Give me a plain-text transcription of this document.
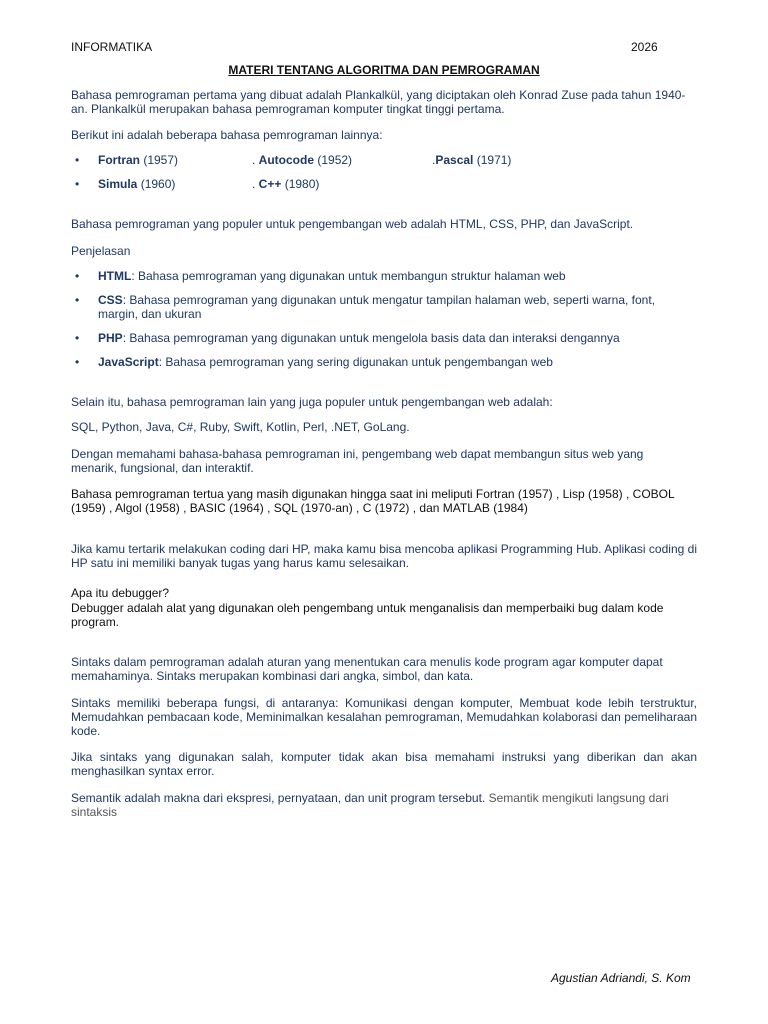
INFORMATIKA	2026
MATERI TENTANG ALGORITMA DAN PEMROGRAMAN
Bahasa pemrograman pertama yang dibuat adalah Plankalkül, yang diciptakan oleh Konrad Zuse pada tahun 1940-an. Plankalkül merupakan bahasa pemrograman komputer tingkat tinggi pertama.
Berikut ini adalah beberapa bahasa pemrograman lainnya:
• Fortran (1957)	. Autocode (1952)	.Pascal (1971)
• Simula (1960)	. C++ (1980)
Bahasa pemrograman yang populer untuk pengembangan web adalah HTML, CSS, PHP, dan JavaScript.
Penjelasan
• HTML: Bahasa pemrograman yang digunakan untuk membangun struktur halaman web
• CSS: Bahasa pemrograman yang digunakan untuk mengatur tampilan halaman web, seperti warna, font,
margin, dan ukuran
• PHP: Bahasa pemrograman yang digunakan untuk mengelola basis data dan interaksi dengannya
• JavaScript: Bahasa pemrograman yang sering digunakan untuk pengembangan web
Selain itu, bahasa pemrograman lain yang juga populer untuk pengembangan web adalah:
SQL, Python, Java, C#, Ruby, Swift, Kotlin, Perl, .NET, GoLang.
Dengan memahami bahasa-bahasa pemrograman ini, pengembang web dapat membangun situs web yang menarik, fungsional, dan interaktif.
Bahasa pemrograman tertua yang masih digunakan hingga saat ini meliputi Fortran (1957) , Lisp (1958) , COBOL (1959) , Algol (1958) , BASIC (1964) , SQL (1970-an) , C (1972) , dan MATLAB (1984)
Jika kamu tertarik melakukan coding dari HP, maka kamu bisa mencoba aplikasi Programming Hub. Aplikasi coding di HP satu ini memiliki banyak tugas yang harus kamu selesaikan.
Apa itu debugger?
Debugger adalah alat yang digunakan oleh pengembang untuk menganalisis dan memperbaiki bug dalam kode program.
Sintaks dalam pemrograman adalah aturan yang menentukan cara menulis kode program agar komputer dapat memahaminya. Sintaks merupakan kombinasi dari angka, simbol, dan kata.
Sintaks memiliki beberapa fungsi, di antaranya: Komunikasi dengan komputer, Membuat kode lebih terstruktur, Memudahkan pembacaan kode, Meminimalkan kesalahan pemrograman, Memudahkan kolaborasi dan pemeliharaan kode.
Jika sintaks yang digunakan salah, komputer tidak akan bisa memahami instruksi yang diberikan dan akan menghasilkan syntax error.
Semantik adalah makna dari ekspresi, pernyataan, dan unit program tersebut. Semantik mengikuti langsung dari sintaksis
Agustian Adriandi, S. Kom
